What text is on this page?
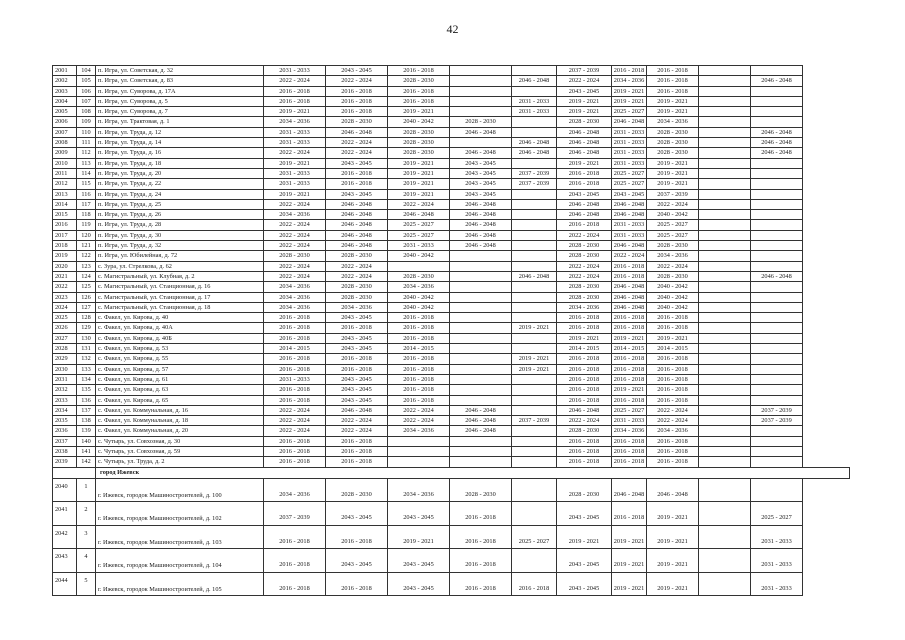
42
2001	104	п. Игра, ул. Советская, д. 32	2031 - 2033	2043 - 2045	2016 - 2018			2037 - 2039	2016 - 2018	2016 - 2018		
2002	105	п. Игра, ул. Советская, д. 83	2022 - 2024	2022 - 2024	2028 - 2030		2046 - 2048	2022 - 2024	2034 - 2036	2016 - 2018		2046 - 2048
2003	106	п. Игра, ул. Суворова, д. 17А	2016 - 2018	2016 - 2018	2016 - 2018			2043 - 2045	2019 - 2021	2016 - 2018		
2004	107	п. Игра, ул. Суворова, д. 5	2016 - 2018	2016 - 2018	2016 - 2018		2031 - 2033	2019 - 2021	2019 - 2021	2019 - 2021		
2005	108	п. Игра, ул. Суворова, д. 7	2019 - 2021	2016 - 2018	2019 - 2021		2031 - 2033	2019 - 2021	2025 - 2027	2019 - 2021		
2006	109	п. Игра, ул. Трактовая, д. 1	2034 - 2036	2028 - 2030	2040 - 2042	2028 - 2030		2028 - 2030	2046 - 2048	2034 - 2036		
2007	110	п. Игра, ул. Труда, д. 12	2031 - 2033	2046 - 2048	2028 - 2030	2046 - 2048		2046 - 2048	2031 - 2033	2028 - 2030		2046 - 2048
2008	111	п. Игра, ул. Труда, д. 14	2031 - 2033	2022 - 2024	2028 - 2030		2046 - 2048	2046 - 2048	2031 - 2033	2028 - 2030		2046 - 2048
2009	112	п. Игра, ул. Труда, д. 16	2022 - 2024	2022 - 2024	2028 - 2030	2046 - 2048	2046 - 2048	2046 - 2048	2031 - 2033	2028 - 2030		2046 - 2048
2010	113	п. Игра, ул. Труда, д. 18	2019 - 2021	2043 - 2045	2019 - 2021	2043 - 2045		2019 - 2021	2031 - 2033	2019 - 2021		
2011	114	п. Игра, ул. Труда, д. 20	2031 - 2033	2016 - 2018	2019 - 2021	2043 - 2045	2037 - 2039	2016 - 2018	2025 - 2027	2019 - 2021		
2012	115	п. Игра, ул. Труда, д. 22	2031 - 2033	2016 - 2018	2019 - 2021	2043 - 2045	2037 - 2039	2016 - 2018	2025 - 2027	2019 - 2021		
2013	116	п. Игра, ул. Труда, д. 24	2019 - 2021	2043 - 2045	2019 - 2021	2043 - 2045		2043 - 2045	2043 - 2045	2037 - 2039		
2014	117	п. Игра, ул. Труда, д. 25	2022 - 2024	2046 - 2048	2022 - 2024	2046 - 2048		2046 - 2048	2046 - 2048	2022 - 2024		
2015	118	п. Игра, ул. Труда, д. 26	2034 - 2036	2046 - 2048	2046 - 2048	2046 - 2048		2046 - 2048	2046 - 2048	2040 - 2042		
2016	119	п. Игра, ул. Труда, д. 28	2022 - 2024	2046 - 2048	2025 - 2027	2046 - 2048		2016 - 2018	2031 - 2033	2025 - 2027		
2017	120	п. Игра, ул. Труда, д. 30	2022 - 2024	2046 - 2048	2025 - 2027	2046 - 2048		2022 - 2024	2031 - 2033	2025 - 2027		
2018	121	п. Игра, ул. Труда, д. 32	2022 - 2024	2046 - 2048	2031 - 2033	2046 - 2048		2028 - 2030	2046 - 2048	2028 - 2030		
2019	122	п. Игра, ул. Юбилейная, д. 72	2028 - 2030	2028 - 2030	2040 - 2042			2028 - 2030	2022 - 2024	2034 - 2036		
2020	123	с. Зура, ул. Стрелкова, д. 62	2022 - 2024	2022 - 2024				2022 - 2024	2016 - 2018	2022 - 2024		
2021	124	с. Магистральный, ул. Клубная, д. 2	2022 - 2024	2022 - 2024	2028 - 2030		2046 - 2048	2022 - 2024	2016 - 2018	2028 - 2030		2046 - 2048
2022	125	с. Магистральный, ул. Станционная, д. 16	2034 - 2036	2028 - 2030	2034 - 2036			2028 - 2030	2046 - 2048	2040 - 2042		
2023	126	с. Магистральный, ул. Станционная, д. 17	2034 - 2036	2028 - 2030	2040 - 2042			2028 - 2030	2046 - 2048	2040 - 2042		
2024	127	с. Магистральный, ул. Станционная, д. 18	2034 - 2036	2034 - 2036	2040 - 2042			2034 - 2036	2046 - 2048	2040 - 2042		
2025	128	с. Факел, ул. Кирова, д. 40	2016 - 2018	2043 - 2045	2016 - 2018			2016 - 2018	2016 - 2018	2016 - 2018		
2026	129	с. Факел, ул. Кирова, д. 40А	2016 - 2018	2016 - 2018	2016 - 2018		2019 - 2021	2016 - 2018	2016 - 2018	2016 - 2018		
2027	130	с. Факел, ул. Кирова, д. 40Б	2016 - 2018	2043 - 2045	2016 - 2018			2019 - 2021	2019 - 2021	2019 - 2021		
2028	131	с. Факел, ул. Кирова, д. 53	2014 - 2015	2043 - 2045	2014 - 2015			2014 - 2015	2014 - 2015	2014 - 2015		
2029	132	с. Факел, ул. Кирова, д. 55	2016 - 2018	2016 - 2018	2016 - 2018		2019 - 2021	2016 - 2018	2016 - 2018	2016 - 2018		
2030	133	с. Факел, ул. Кирова, д. 57	2016 - 2018	2016 - 2018	2016 - 2018		2019 - 2021	2016 - 2018	2016 - 2018	2016 - 2018		
2031	134	с. Факел, ул. Кирова, д. 61	2031 - 2033	2043 - 2045	2016 - 2018			2016 - 2018	2016 - 2018	2016 - 2018		
2032	135	с. Факел, ул. Кирова, д. 63	2016 - 2018	2043 - 2045	2016 - 2018			2016 - 2018	2019 - 2021	2016 - 2018		
2033	136	с. Факел, ул. Кирова, д. 65	2016 - 2018	2043 - 2045	2016 - 2018			2016 - 2018	2016 - 2018	2016 - 2018		
2034	137	с. Факел, ул. Коммунальная, д. 16	2022 - 2024	2046 - 2048	2022 - 2024	2046 - 2048		2046 - 2048	2025 - 2027	2022 - 2024		2037 - 2039
2035	138	с. Факел, ул. Коммунальная, д. 18	2022 - 2024	2022 - 2024	2022 - 2024	2046 - 2048	2037 - 2039	2022 - 2024	2031 - 2033	2022 - 2024		2037 - 2039
2036	139	с. Факел, ул. Коммунальная, д. 20	2022 - 2024	2022 - 2024	2034 - 2036	2046 - 2048		2028 - 2030	2034 - 2036	2034 - 2036		
2037	140	с. Чутырь, ул. Совхозная, д. 30	2016 - 2018	2016 - 2018				2016 - 2018	2016 - 2018	2016 - 2018		
2038	141	с. Чутырь, ул. Совхозная, д. 59	2016 - 2018	2016 - 2018				2016 - 2018	2016 - 2018	2016 - 2018		
2039	142	с. Чутырь, ул. Труда, д. 2	2016 - 2018	2016 - 2018				2016 - 2018	2016 - 2018	2016 - 2018		
		город Ижевск										
2040	1	г. Ижевск, городок Машиностроителей, д. 100	2034 - 2036	2028 - 2030	2034 - 2036	2028 - 2030		2028 - 2030	2046 - 2048	2046 - 2048		
2041	2	г. Ижевск, городок Машиностроителей, д. 102	2037 - 2039	2043 - 2045	2043 - 2045	2016 - 2018		2043 - 2045	2016 - 2018	2019 - 2021		2025 - 2027
2042	3	г. Ижевск, городок Машиностроителей, д. 103	2016 - 2018	2016 - 2018	2019 - 2021	2016 - 2018	2025 - 2027	2019 - 2021	2019 - 2021	2019 - 2021		2031 - 2033
2043	4	г. Ижевск, городок Машиностроителей, д. 104	2016 - 2018	2043 - 2045	2043 - 2045	2016 - 2018		2043 - 2045	2019 - 2021	2019 - 2021		2031 - 2033
2044	5	г. Ижевск, городок Машиностроителей, д. 105	2016 - 2018	2016 - 2018	2043 - 2045	2016 - 2018	2016 - 2018	2043 - 2045	2019 - 2021	2019 - 2021		2031 - 2033
